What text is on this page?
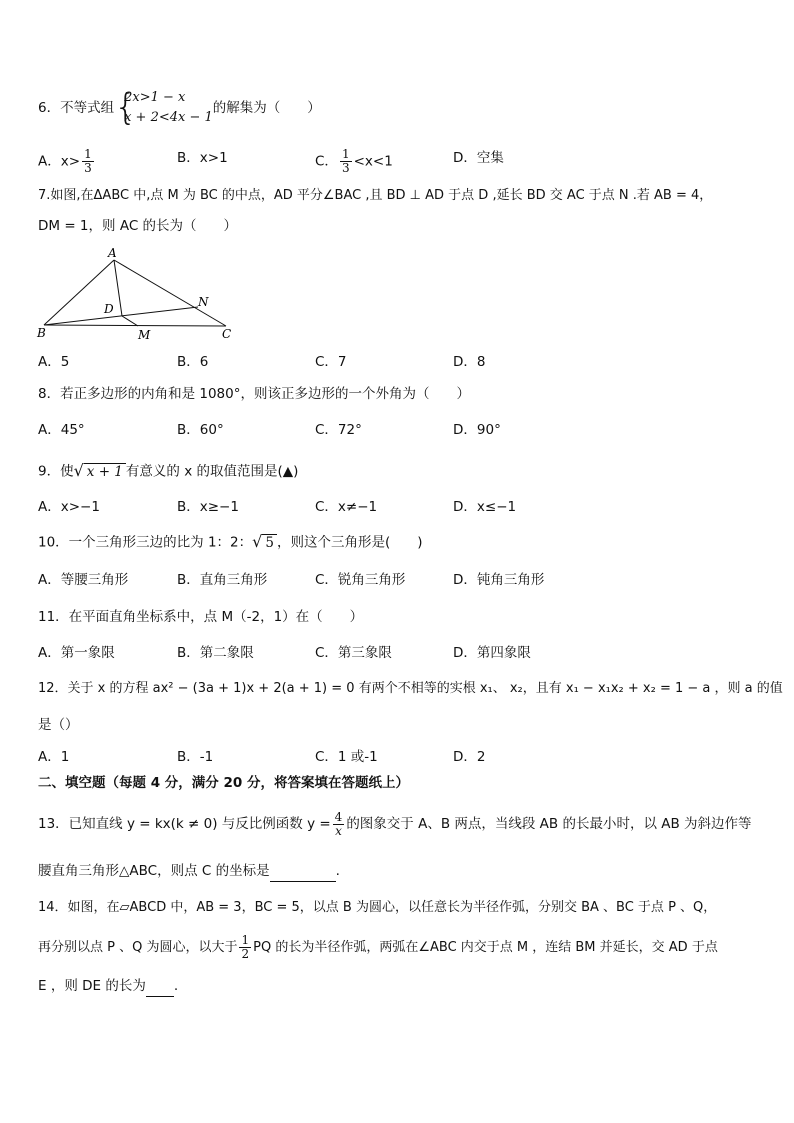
6．不等式组 {
2x>1 − x
x + 2<4x − 1
的解集为（　　）
A．$x> \frac{1}{3}$	B．x>1	C． $\frac{1}{3} <x<1$	D．空集
7.如图,在ΔABC 中,点 M 为 BC 的中点，AD 平分∠BAC ,且 BD ⊥ AD 于点 D ,延长 BD 交 AC 于点 N .若 AB = 4，
DM = 1，则 AC 的长为（　　）
A
B	C
D
M
N
A．5	B．6	C．7	D．8
8．若正多边形的内角和是 1080°，则该正多边形的一个外角为（　　）
A．45°	B．60°	C．72°	D．90°
9．使√ x + 1 有意义的 x 的取值范围是(▲)
A．x>−1	B．x≥−1	C．x≠−1	D．x≤−1
10．一个三角形三边的比为 1：2：√ 5 ，则这个三角形是(　　)
A．等腰三角形	B．直角三角形	C．锐角三角形	D．钝角三角形
11．在平面直角坐标系中，点 M（-2，1）在（　　）
A．第一象限	B．第二象限	C．第三象限	D．第四象限
12．关于 x 的方程 ax² − (3a + 1)x + 2(a + 1) = 0 有两个不相等的实根 x₁、 x₂，且有 x₁ − x₁x₂ + x₂ = 1 − a ，则 a 的值
是（）
A．1	B．-1	C．1 或-1	D．2
二、填空题（每题 4 分，满分 20 分，将答案填在答题纸上）
13．已知直线 y = kx(k ≠ 0) 与反比例函数 $y = \frac{4}{x}$ 的图象交于 A、B 两点，当线段 AB 的长最小时，以 AB 为斜边作等
腰直角三角形△ABC，则点 C 的坐标是	.
14．如图，在▱ABCD 中，AB = 3，BC = 5，以点 B 为圆心，以任意长为半径作弧，分别交 BA 、BC 于点 P 、Q，
再分别以点 P 、Q 为圆心，以大于 $\frac{1}{2}$ PQ 的长为半径作弧，两弧在∠ABC 内交于点 M ，连结 BM 并延长，交 AD 于点
E ，则 DE 的长为 .
